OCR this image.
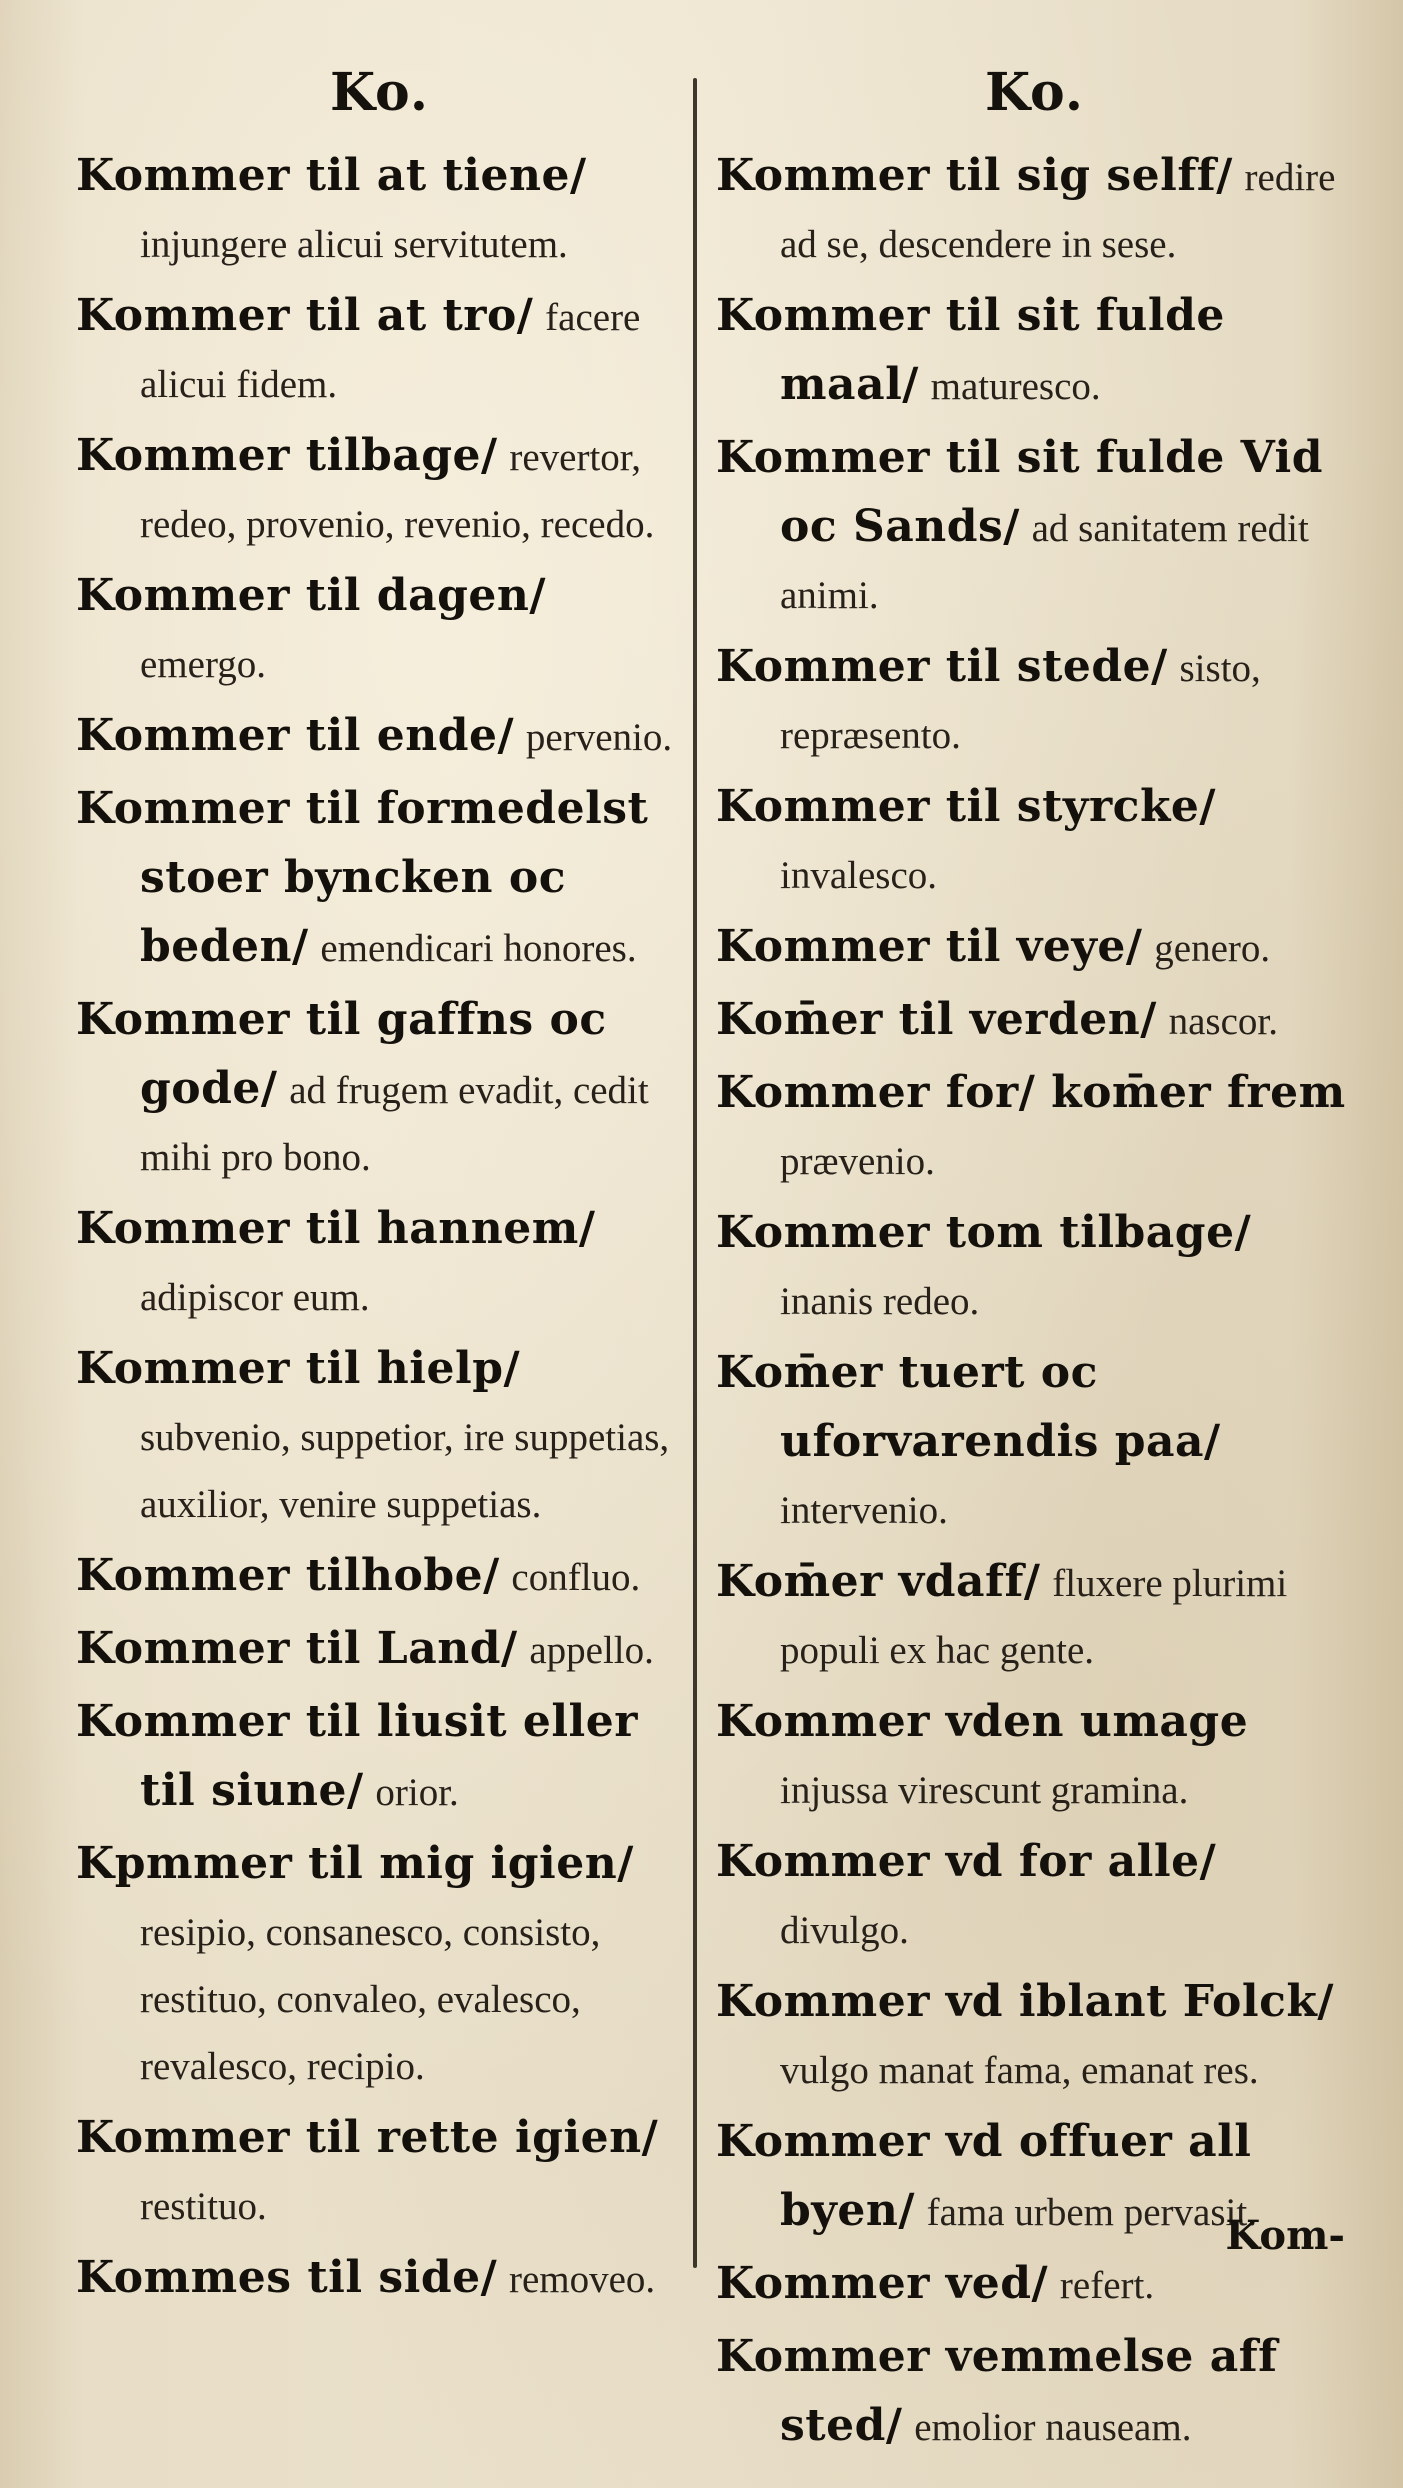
Ko.	Ko.
Kommer til at tiene/ injungere alicui servitutem.
Kommer til at tro/ facere alicui fidem.
Kommer tilbage/ revertor, redeo, provenio, revenio, recedo.
Kommer til dagen/ emergo.
Kommer til ende/ pervenio.
Kommer til formedelst stoer byncken oc beden/ emendicari honores.
Kommer til gaffns oc gode/ ad frugem evadit, cedit mihi pro bono.
Kommer til hannem/ adipiscor eum.
Kommer til hielp/ subvenio, suppetior, ire suppetias, auxilior, venire suppetias.
Kommer tilhobe/ confluo.
Kommer til Land/ appello.
Kommer til liusit eller til siune/ orior.
Kpmmer til mig igien/ resipio, consanesco, consisto, restituo, convaleo, evalesco, revalesco, recipio.
Kommer til rette igien/ restituo.
Kommes til side/ removeo.
Kommer til sig selff/ redire ad se, descendere in sese.
Kommer til sit fulde maal/ maturesco.
Kommer til sit fulde Vid oc Sands/ ad sanitatem redit animi.
Kommer til stede/ sisto, repræsento.
Kommer til styrcke/ invalesco.
Kommer til veye/ genero.
Kom̄er til verden/ nascor.
Kommer for/ kom̄er frem prævenio.
Kommer tom tilbage/ inanis redeo.
Kom̄er tuert oc uforvarendis paa/ intervenio.
Kom̄er vdaff/ fluxere plurimi populi ex hac gente.
Kommer vden umage injussa virescunt gramina.
Kommer vd for alle/ divulgo.
Kommer vd iblant Folck/ vulgo manat fama, emanat res.
Kommer vd offuer all byen/ fama urbem pervasit.
Kommer ved/ refert.
Kommer vemmelse aff sted/ emolior nauseam.
Kom-
